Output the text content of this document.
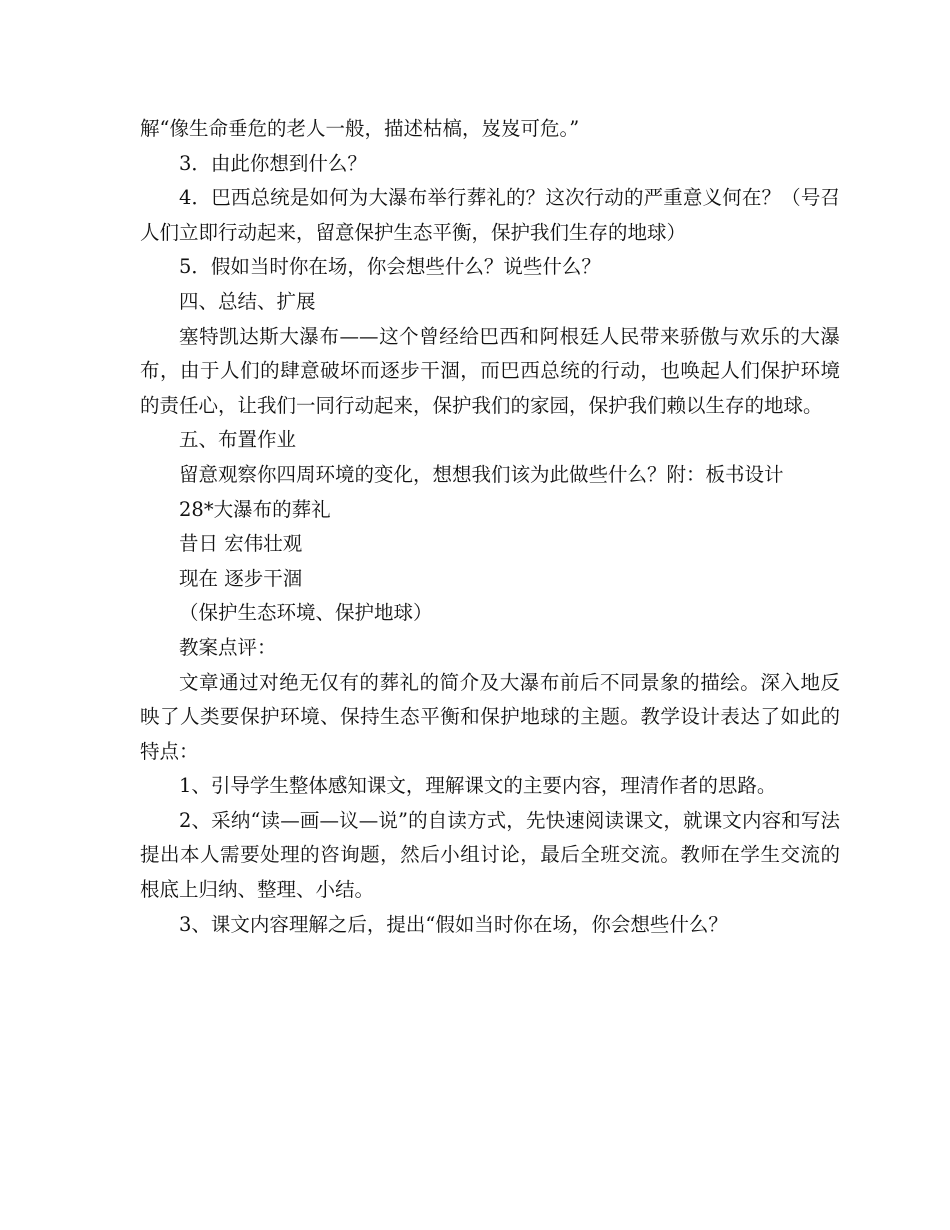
解“像生命垂危的老人一般，描述枯槁，岌岌可危。”

3．由此你想到什么？

4．巴西总统是如何为大瀑布举行葬礼的？这次行动的严重意义何在？（号召人们立即行动起来，留意保护生态平衡，保护我们生存的地球）

5．假如当时你在场，你会想些什么？说些什么？

四、总结、扩展

塞特凯达斯大瀑布——这个曾经给巴西和阿根廷人民带来骄傲与欢乐的大瀑布，由于人们的肆意破坏而逐步干涸，而巴西总统的行动，也唤起人们保护环境的责任心，让我们一同行动起来，保护我们的家园，保护我们赖以生存的地球。

五、布置作业

留意观察你四周环境的变化，想想我们该为此做些什么？附：板书设计

28*大瀑布的葬礼

昔日 宏伟壮观

现在 逐步干涸

（保护生态环境、保护地球）

教案点评：

文章通过对绝无仅有的葬礼的简介及大瀑布前后不同景象的描绘。深入地反映了人类要保护环境、保持生态平衡和保护地球的主题。教学设计表达了如此的特点：

1、引导学生整体感知课文，理解课文的主要内容，理清作者的思路。

2、采纳“读—画—议—说”的自读方式，先快速阅读课文，就课文内容和写法提出本人需要处理的咨询题，然后小组讨论，最后全班交流。教师在学生交流的根底上归纳、整理、小结。

3、课文内容理解之后，提出“假如当时你在场，你会想些什么？
